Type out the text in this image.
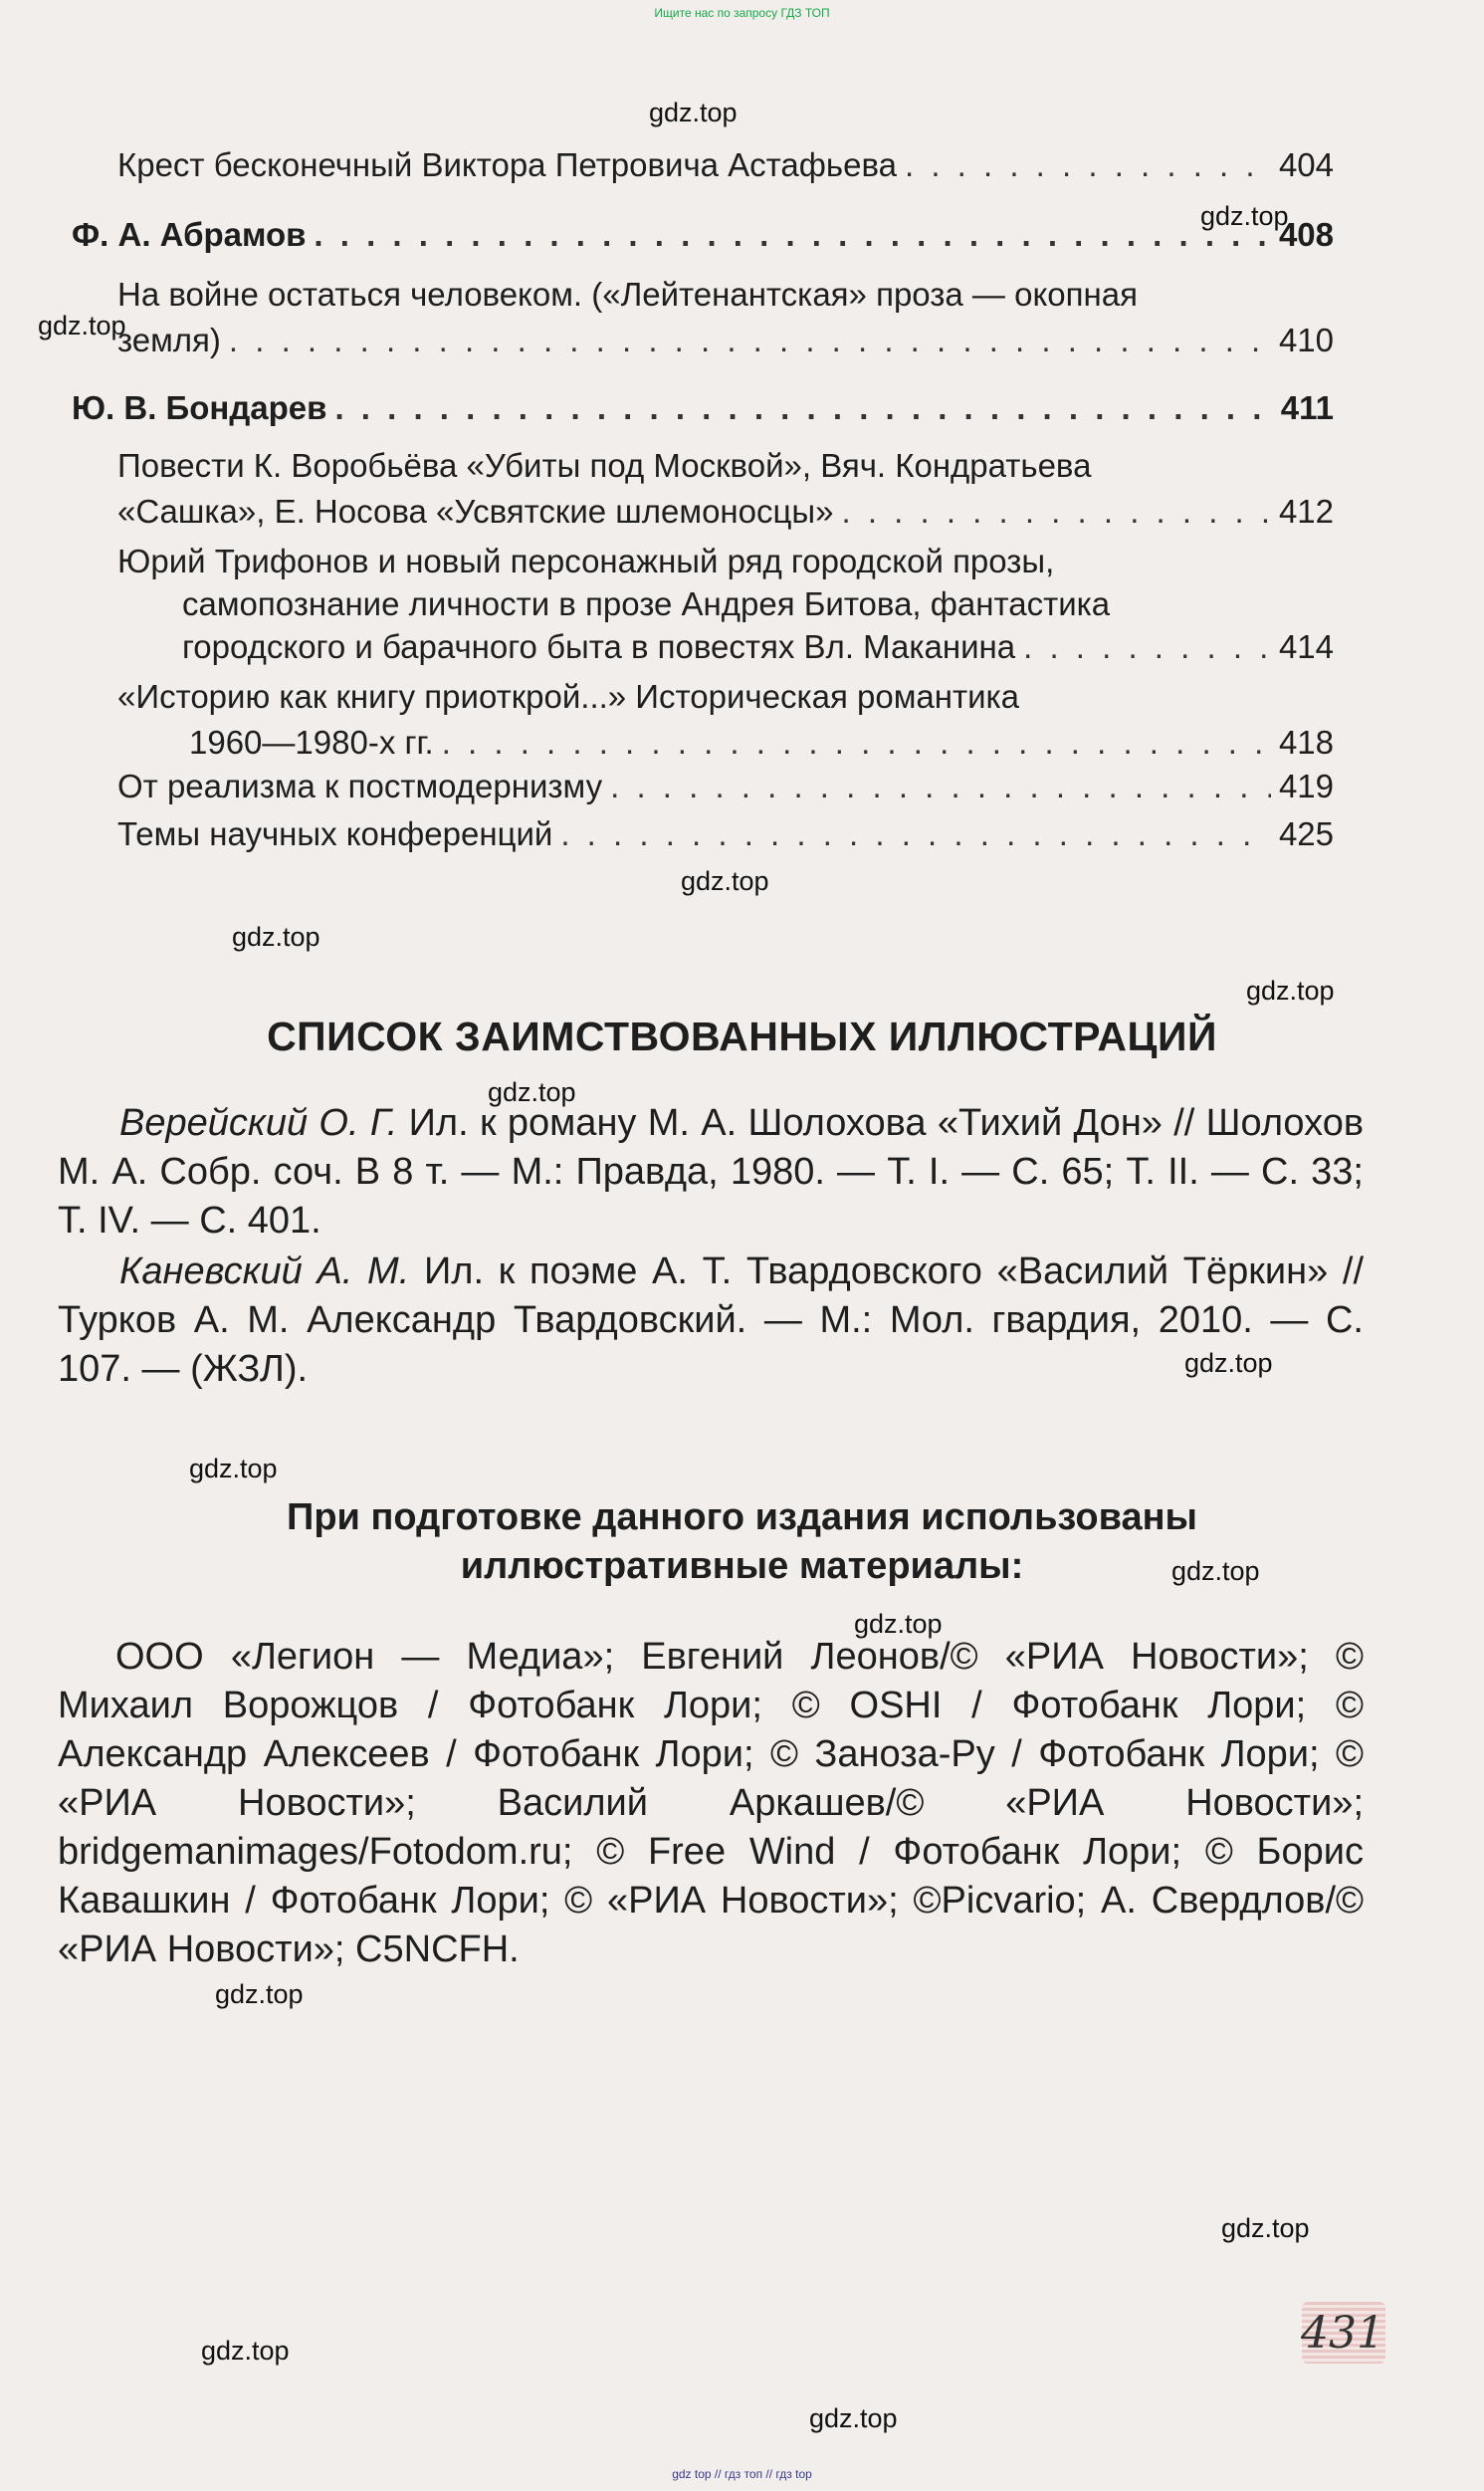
Ищите нас по запросу ГДЗ ТОП
Крест бесконечный Виктора Петровича Астафьева . . .	404
Ф. А. Абрамов . . .	408
На войне остаться человеком. («Лейтенантская» проза — окопная
земля) . . .	410
Ю. В. Бондарев . . .	411
Повести К. Воробьёва «Убиты под Москвой», Вяч. Кондратьева
«Сашка», Е. Носова «Усвятские шлемоносцы» . . .	412
Юрий Трифонов и новый персонажный ряд городской прозы,
самопознание личности в прозе Андрея Битова, фантастика
городского и барачного быта в повестях Вл. Маканина . . .	414
«Историю как книгу приоткрой...» Историческая романтика
1960—1980-х гг. . . .	418
От реализма к постмодернизму . . .	419
Темы научных конференций . . .	425
СПИСОК ЗАИМСТВОВАННЫХ ИЛЛЮСТРАЦИЙ
Верейский О. Г. Ил. к роману М. А. Шолохова «Тихий Дон» // Шолохов М. А. Собр. соч. В 8 т. — М.: Правда, 1980. — Т. I. — С. 65; Т. II. — С. 33; Т. IV. — С. 401.
Каневский А. М. Ил. к поэме А. Т. Твардовского «Василий Тёркин» // Турков А. М. Александр Твардовский. — М.: Мол. гвардия, 2010. — С. 107. — (ЖЗЛ).
При подготовке данного издания использованы
иллюстративные материалы:
ООО «Легион — Медиа»; Евгений Леонов/© «РИА Новости»; © Михаил Ворожцов / Фотобанк Лори; © OSHI / Фотобанк Лори; © Александр Алексеев / Фотобанк Лори; © Заноза-Ру / Фотобанк Лори; © «РИА Новости»; Василий Аркашев/© «РИА Новости»; bridgemanimages/Fotodom.ru; © Free Wind / Фотобанк Лори; © Борис Кавашкин / Фотобанк Лори; © «РИА Новости»; ©Picvario; А. Свердлов/© «РИА Новости»; C5NCFH.
431
gdz.top
gdz.top
gdz.top
gdz.top
gdz.top
gdz.top
gdz.top
gdz.top
gdz.top
gdz.top
gdz.top
gdz.top
gdz.top
gdz.top
gdz.top
gdz top // гдз топ // гдз top
